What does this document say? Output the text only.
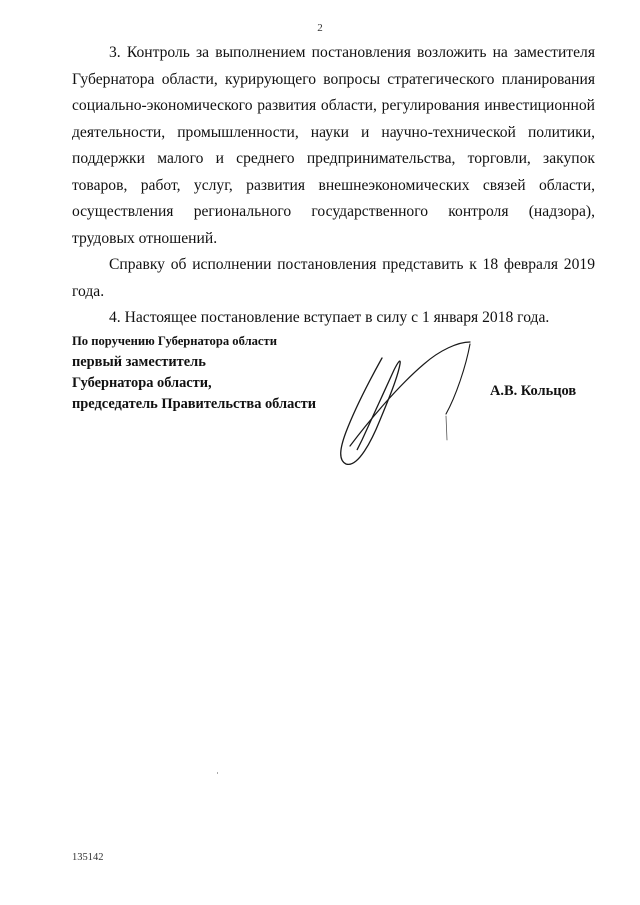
2

3. Контроль за выполнением постановления возложить на заместителя Губернатора области, курирующего вопросы стратегического планирования социально-экономического развития области, регулирования инвестиционной деятельности, промышленности, науки и научно-технической политики, поддержки малого и среднего предпринимательства, торговли, закупок товаров, работ, услуг, развития внешнеэкономических связей области, осуществления регионального государственного контроля (надзора), трудовых отношений.

Справку об исполнении постановления представить к 18 февраля 2019 года.

4. Настоящее постановление вступает в силу с 1 января 2018 года.

По поручению Губернатора области
первый заместитель
Губернатора области,
председатель Правительства области
А.В. Кольцов
135142
